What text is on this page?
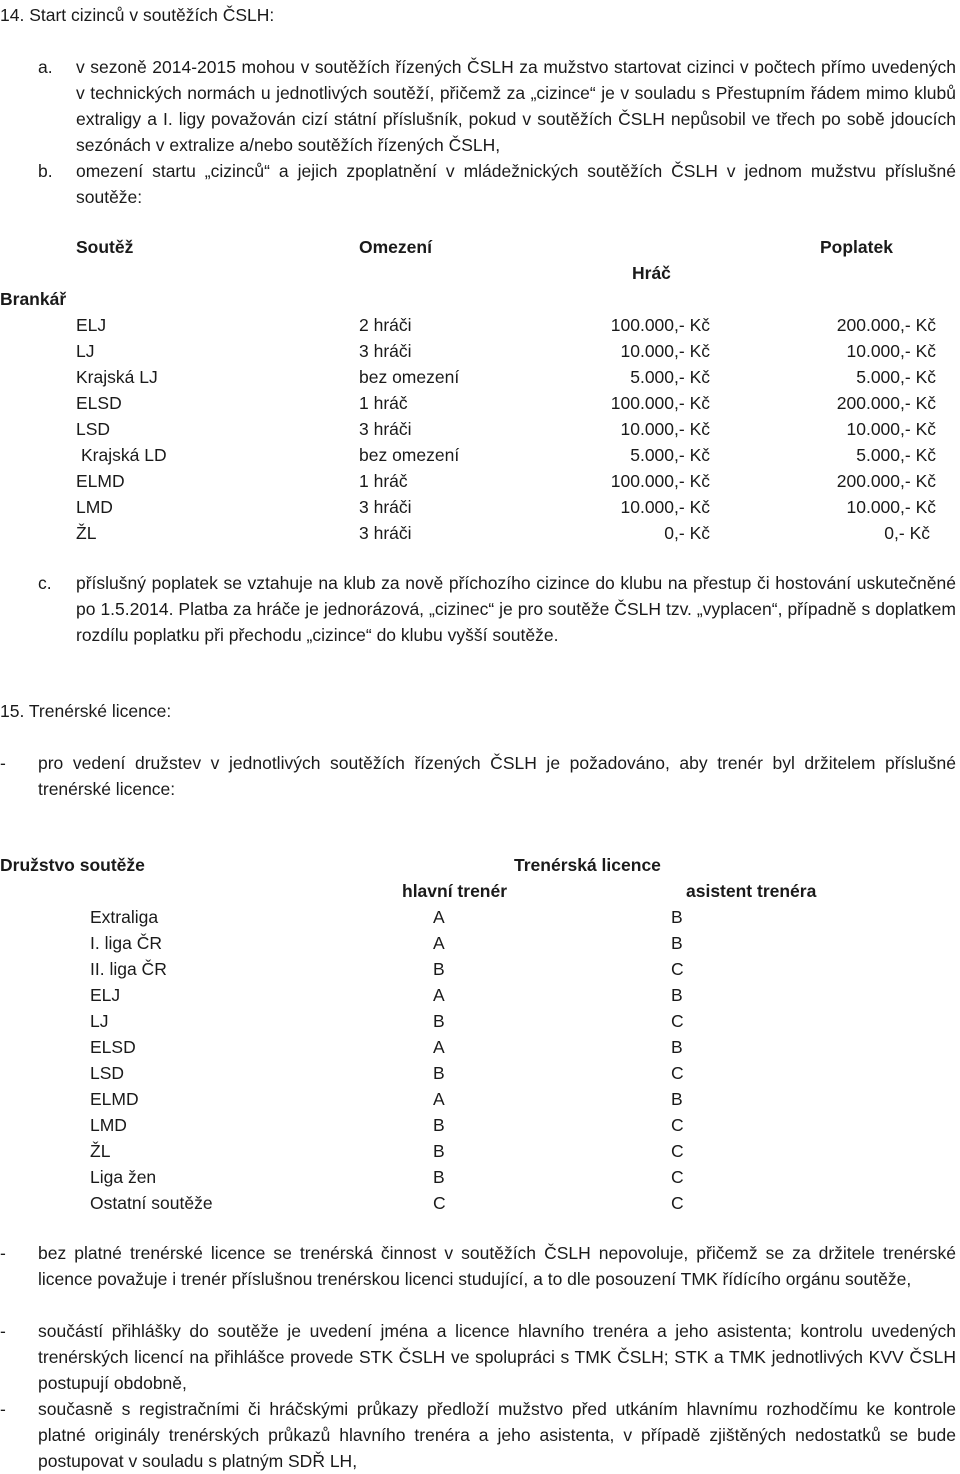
14. Start cizinců v soutěžích ČSLH:
a. v sezoně 2014-2015 mohou v soutěžích řízených ČSLH za mužstvo startovat cizinci v počtech přímo uvedených v technických normách u jednotlivých soutěží, přičemž za „cizince“ je v souladu s Přestupním řádem mimo klubů extraligy a I. ligy považován cizí státní příslušník, pokud v soutěžích ČSLH nepůsobil ve třech po sobě jdoucích sezónách v extralize a/nebo soutěžích řízených ČSLH,
b. omezení startu „cizinců“ a jejich zpoplatnění v mládežnických soutěžích ČSLH v jednom mužstvu příslušné soutěže:
Soutěž	Omezení	Poplatek
Hráč
Brankář
ELJ	2 hráči	100.000,- Kč	200.000,- Kč
LJ	3 hráči	10.000,- Kč	10.000,- Kč
Krajská LJ	bez omezení	5.000,- Kč	5.000,- Kč
ELSD	1 hráč	100.000,- Kč	200.000,- Kč
LSD	3 hráči	10.000,- Kč	10.000,- Kč
Krajská LD	bez omezení	5.000,- Kč	5.000,- Kč
ELMD	1 hráč	100.000,- Kč	200.000,- Kč
LMD	3 hráči	10.000,- Kč	10.000,- Kč
ŽL	3 hráči	0,- Kč	0,- Kč
c. příslušný poplatek se vztahuje na klub za nově příchozího cizince do klubu na přestup či hostování uskutečněné po 1.5.2014. Platba za hráče je jednorázová, „cizinec“ je pro soutěže ČSLH tzv. „vyplacen“, případně s doplatkem rozdílu poplatku při přechodu „cizince“ do klubu vyšší soutěže.
15. Trenérské licence:
- pro vedení družstev v jednotlivých soutěžích řízených ČSLH je požadováno, aby trenér byl držitelem příslušné trenérské licence:
Družstvo soutěže	Trenérská licence
hlavní trenér	asistent trenéra
Extraliga	A	B
I. liga ČR	A	B
II. liga ČR	B	C
ELJ	A	B
LJ	B	C
ELSD	A	B
LSD	B	C
ELMD	A	B
LMD	B	C
ŽL	B	C
Liga žen	B	C
Ostatní soutěže	C	C
- bez platné trenérské licence se trenérská činnost v soutěžích ČSLH nepovoluje, přičemž se za držitele trenérské licence považuje i trenér příslušnou trenérskou licenci studující, a to dle posouzení TMK řídícího orgánu soutěže,
- součástí přihlášky do soutěže je uvedení jména a licence hlavního trenéra a jeho asistenta; kontrolu uvedených trenérských licencí na přihlášce provede STK ČSLH ve spolupráci s TMK ČSLH; STK a TMK jednotlivých KVV ČSLH postupují obdobně,
- současně s registračními či hráčskými průkazy předloží mužstvo před utkáním hlavnímu rozhodčímu ke kontrole platné originály trenérských průkazů hlavního trenéra a jeho asistenta, v případě zjištěných nedostatků se bude postupovat v souladu s platným SDŘ LH,
